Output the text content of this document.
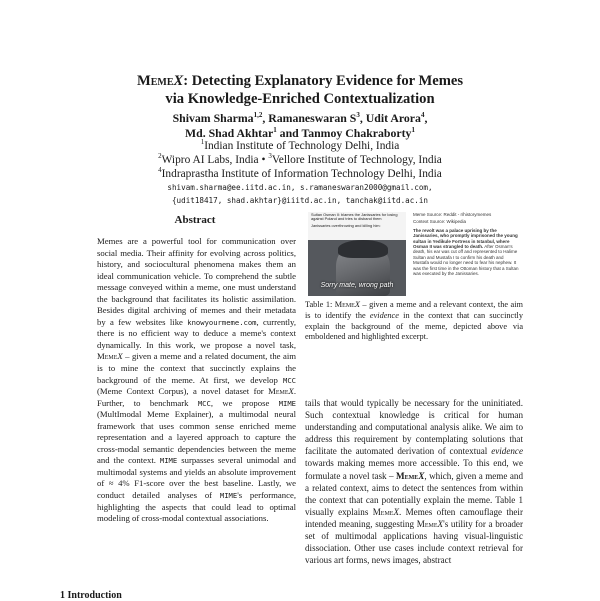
MemeX: Detecting Explanatory Evidence for Memes
via Knowledge-Enriched Contextualization
Shivam Sharma$^{1,2}$, Ramaneswaran $S^3$, Udit Arora$^4$,
Md. Shad Akhtar$^1$ and Tanmoy Chakraborty$^1$
$^1$Indian Institute of Technology Delhi, India
$^2$Wipro AI Labs, India • $^3$Vellore Institute of Technology, India
$^4$Indraprastha Institute of Information Technology Delhi, India
shivam.sharma@ee.iitd.ac.in, s.ramaneswaran2000@gmail.com,
{udit18417, shad.akhtar}@iiitd.ac.in, tanchak@iitd.ac.in
Abstract
Memes are a powerful tool for communication over social media. Their affinity for evolving across politics, history, and sociocultural phenomena makes them an ideal communication vehicle. To comprehend the subtle message conveyed within a meme, one must understand the background that facilitates its holistic assimilation. Besides digital archiving of memes and their metadata by a few websites like knowyourmeme.com, currently, there is no efficient way to deduce a meme's context dynamically. In this work, we propose a novel task, MemeX – given a meme and a related document, the aim is to mine the context that succinctly explains the background of the meme. At first, we develop MCC (Meme Context Corpus), a novel dataset for MemeX. Further, to benchmark MCC, we propose MIME (MultImodal Meme Explainer), a multimodal neural framework that uses common sense enriched meme representation and a layered approach to capture the cross-modal semantic dependencies between the meme and the context. MIME surpasses several unimodal and multimodal systems and yields an absolute improvement of ≈ 4% F1-score over the best baseline. Lastly, we conduct detailed analyses of MIME's performance, highlighting the aspects that could lead to optimal modeling of cross-modal contextual associations.
1 Introduction
Sultan Osman II: blames the Janissaries for losing against Poland and tries to disband them
Janissaries overthrowing and killing him:
Sorry mate, wrong path
Meme Source: Reddit - r/historymemes
Context Source: Wikipedia
The revolt was a palace uprising by the Janissaries, who promptly imprisoned the young sultan in Yedikule Fortress in Istanbul, where Osman II was strangled to death. After Osman's death, his ear was cut off and represented to Halime Sultan and Mustafa I to confirm his death and Mustafa would no longer need to fear his nephew. It was the first time in the Ottoman history that a Sultan was executed by the Janissaries.
Table 1: MemeX – given a meme and a relevant context, the aim is to identify the evidence in the context that can succinctly explain the background of the meme, depicted above via emboldened and highlighted excerpt.
tails that would typically be necessary for the uninitiated. Such contextual knowledge is critical for human understanding and computational analysis alike. We aim to address this requirement by contemplating solutions that facilitate the automated derivation of contextual evidence towards making memes more accessible. To this end, we formulate a novel task – MemeX, which, given a meme and a related context, aims to detect the sentences from within the context that can potentially explain the meme. Table 1 visually explains MemeX. Memes often camouflage their intended meaning, suggesting MemeX's utility for a broader set of multimodal applications having visual-linguistic dissociation. Other use cases include context retrieval for various art forms, news images, abstract
